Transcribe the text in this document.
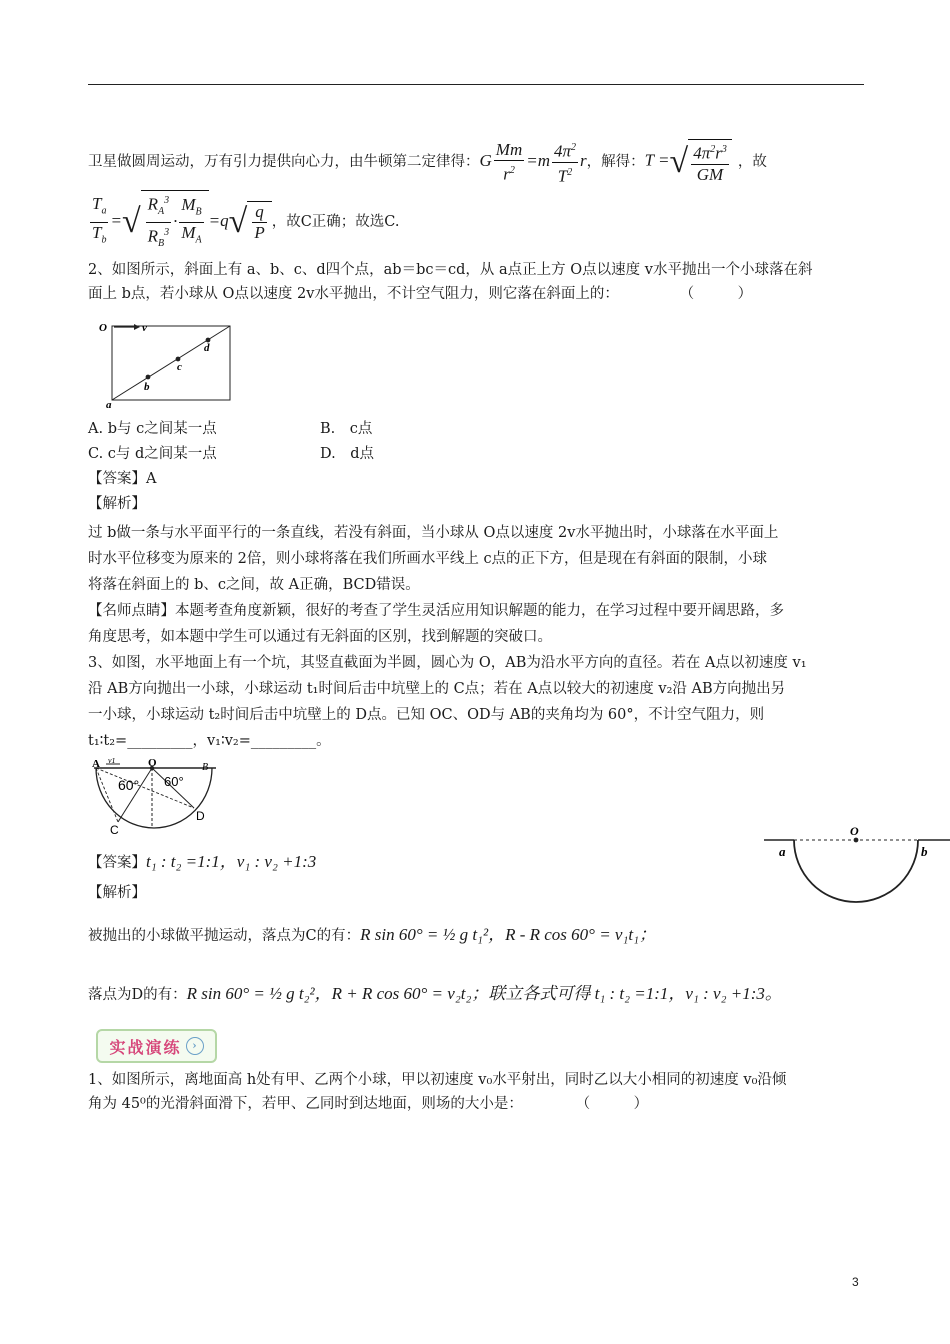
卫星做圆周运动，万有引力提供向心力，由牛顿第二定律得： G $\frac{Mm}{r^2} =m \frac{4\pi^2}{T^2}$ r ，解得： T =√ $\frac{4\pi^2r^3}{GM}$ ，故
$\frac{T_a}{T_b}$ =√ $\frac{R_A^3}{R_B^3} \cdot \frac{M_B}{M_A} =q√ \frac{q}{P}$ ，故C正确；故选C.
2、如图所示，斜面上有 a、b、c、d四个点，ab＝bc＝cd，从 a点正上方 O点以速度 v水平抛出一个小球落在斜
面上 b点，若小球从 O点以速度 2v水平抛出，不计空气阻力，则它落在斜面上的：	（　　　）
O	v
a
b
c
d
A. b与 c之间某一点	B.　c点
C. c与 d之间某一点	D.　d点
【答案】A
【解析】
过 b做一条与水平面平行的一条直线，若没有斜面，当小球从 O点以速度 2v水平抛出时，小球落在水平面上
时水平位移变为原来的 2倍，则小球将落在我们所画水平线上 c点的正下方，但是现在有斜面的限制，小球
将落在斜面上的 b、c之间，故 A正确，BCD错误。
【名师点睛】本题考查角度新颖，很好的考查了学生灵活应用知识解题的能力，在学习过程中要开阔思路，多
角度思考，如本题中学生可以通过有无斜面的区别，找到解题的突破口。
3、如图，水平地面上有一个坑，其竖直截面为半圆，圆心为 O，AB为沿水平方向的直径。若在 A点以初速度 v₁
沿 AB方向抛出一小球，小球运动 t₁时间后击中坑壁上的 C点；若在 A点以较大的初速度 v₂沿 AB方向抛出另
一小球，小球运动 t₂时间后击中坑壁上的 D点。已知 OC、OD与 AB的夹角均为 60°，不计空气阻力，则
t₁∶t₂=_________，v₁∶v₂=_________。
A v1	O	B
60° 60°
C
D
【答案】t₁ : t₂ =1:1，v₁ : v₂ +1:3
【解析】
O
a	b
被抛出的小球做平抛运动，落点为C的有：R sin 60° = ½ g t₁²，R - R cos 60° = v₁t₁；
落点为D的有：R sin 60° = ½ g t₂²，R + R cos 60° = v₂t₂；联立各式可得 t₁ : t₂ =1:1，v₁ : v₂ +1:3。
实战演练 ›
1、如图所示，离地面高 h处有甲、乙两个小球，甲以初速度 v₀水平射出，同时乙以大小相同的初速度 v₀沿倾
角为 45⁰的光滑斜面滑下，若甲、乙同时到达地面，则场的大小是：	（　　　）
3
